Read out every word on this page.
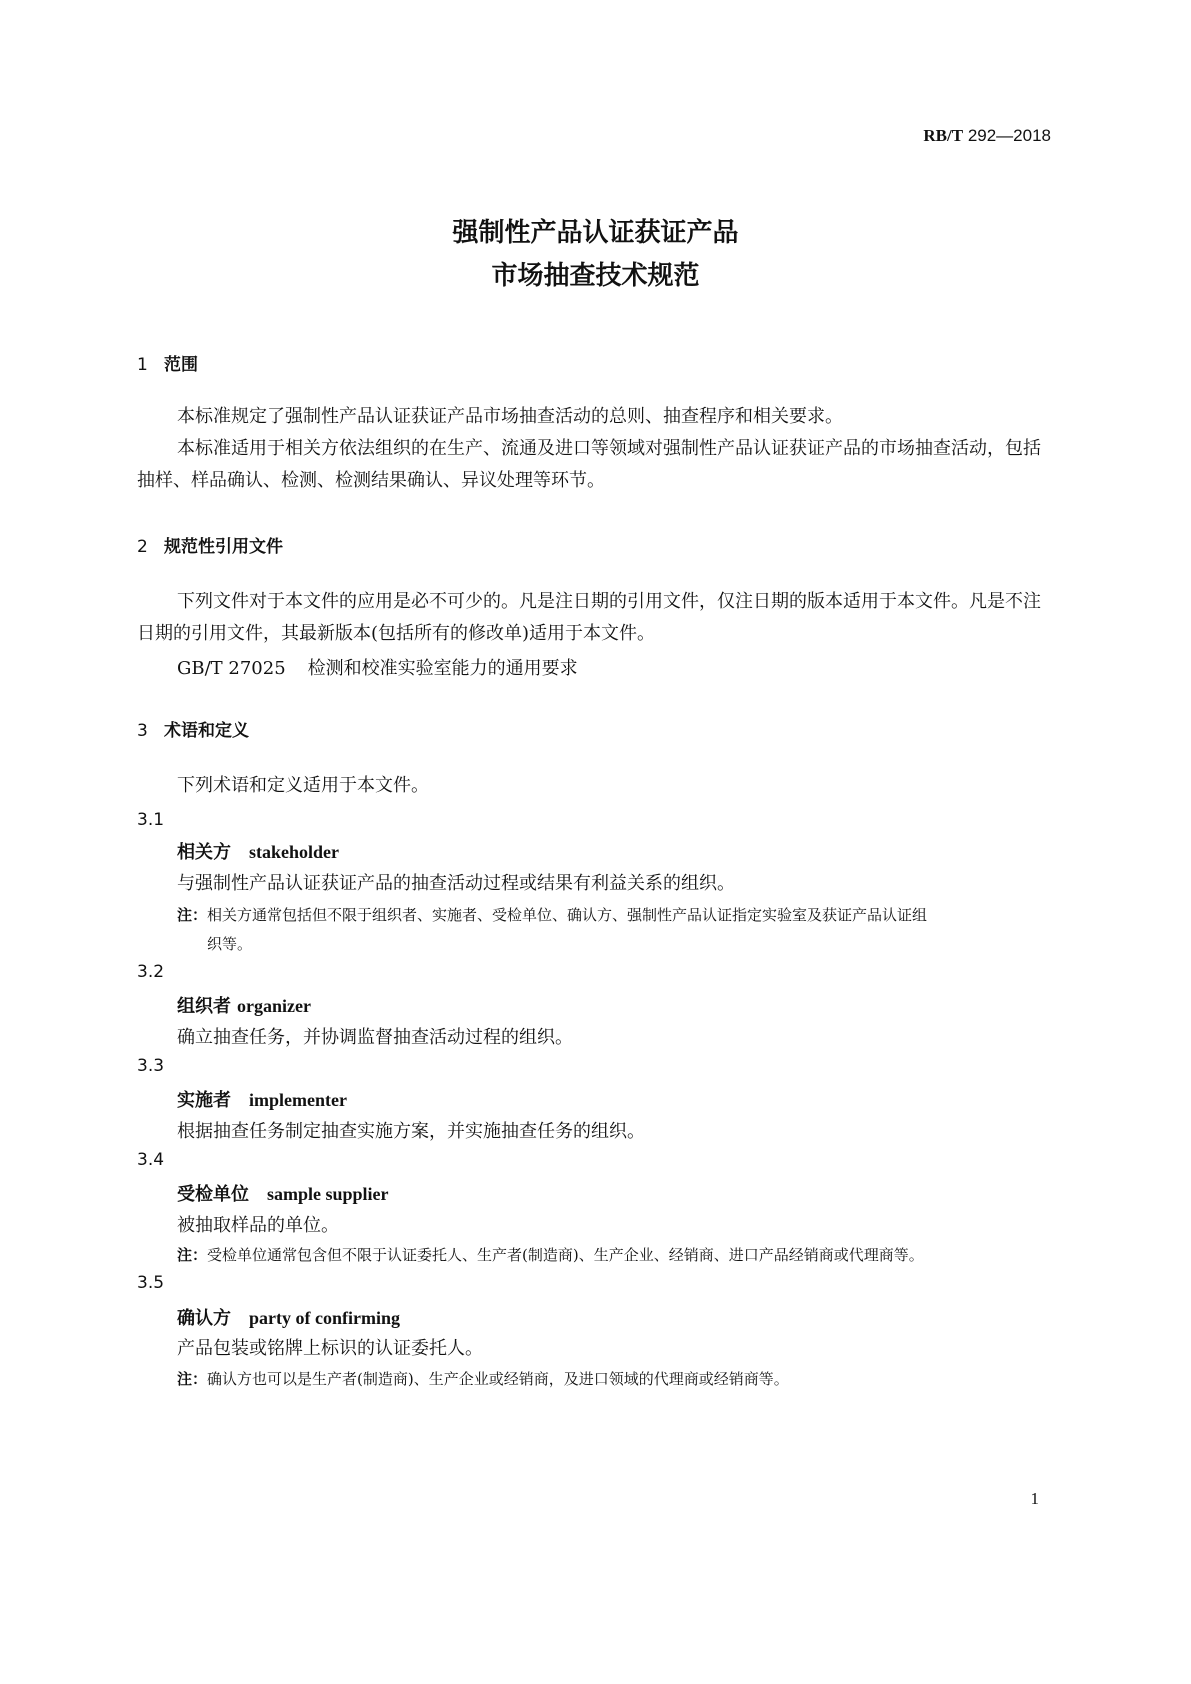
RB/T 292—2018
强制性产品认证获证产品
市场抽查技术规范
1 范围

本标准规定了强制性产品认证获证产品市场抽查活动的总则、抽查程序和相关要求。

本标准适用于相关方依法组织的在生产、流通及进口等领域对强制性产品认证获证产品的市场抽查活动，包括抽样、样品确认、检测、检测结果确认、异议处理等环节。

2 规范性引用文件

下列文件对于本文件的应用是必不可少的。凡是注日期的引用文件，仅注日期的版本适用于本文件。凡是不注日期的引用文件，其最新版本(包括所有的修改单)适用于本文件。

GB/T 27025 检测和校准实验室能力的通用要求
3 术语和定义

下列术语和定义适用于本文件。

3.1
相关方 stakeholder
与强制性产品认证获证产品的抽查活动过程或结果有利益关系的组织。
注：相关方通常包括但不限于组织者、实施者、受检单位、确认方、强制性产品认证指定实验室及获证产品认证组
织等。
3.2
组织者 organizer
确立抽查任务，并协调监督抽查活动过程的组织。
3.3
实施者 implementer
根据抽查任务制定抽查实施方案，并实施抽查任务的组织。
3.4
受检单位 sample supplier
被抽取样品的单位。
注：受检单位通常包含但不限于认证委托人、生产者(制造商)、生产企业、经销商、进口产品经销商或代理商等。
3.5
确认方 party of confirming
产品包装或铭牌上标识的认证委托人。
注：确认方也可以是生产者(制造商)、生产企业或经销商，及进口领域的代理商或经销商等。
1
